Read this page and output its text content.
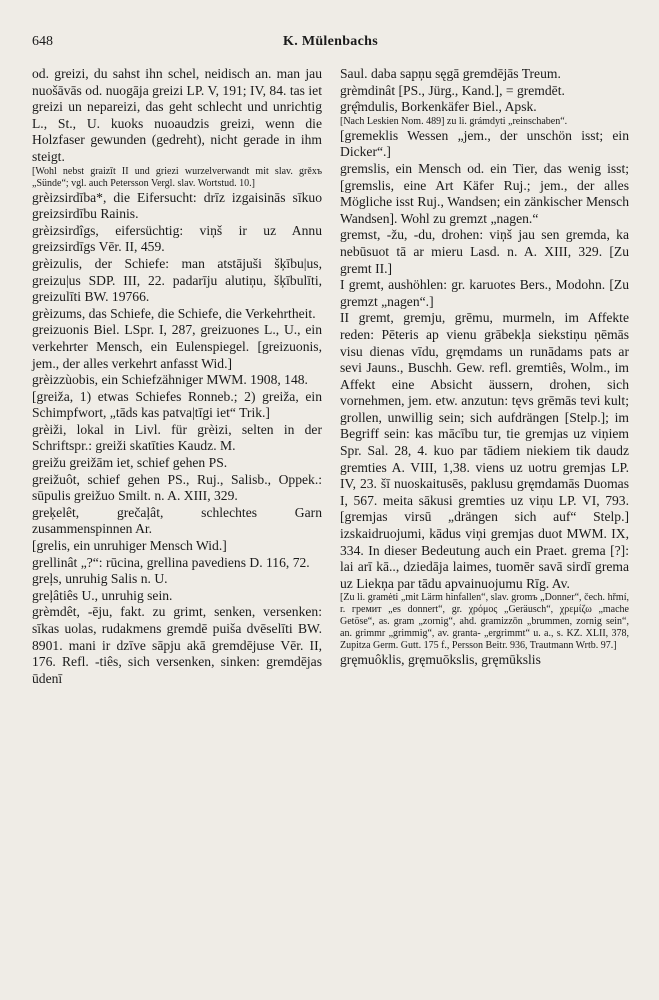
648	K. Mülenbachs

od. greizi, du sahst ihn schel, neidisch an. man jau nuošāvās od. nuogāja greizi LP. V, 191; IV, 84. tas iet greizi un nepareizi, das geht schlecht und unrichtig L., St., U. kuoks nuoaudzis greizi, wenn die Holzfaser gewunden (gedreht), nicht gerade in ihm steigt.

[Wohl nebst graizīt II und griezi wurzelverwandt mit slav. grěxъ „Sünde“; vgl. auch Petersson Vergl. slav. Wortstud. 10.]

grèizsirdība*, die Eifersucht: drīz izgaisinās sīkuo greizsirdību Rainis.

grèizsirdîgs, eifersüchtig: viņš ir uz Annu greizsirdīgs Vēr. II, 459.

grèizulis, der Schiefe: man atstājuši šķību|us, greizu|us SDP. III, 22. padarīju alutiņu, šķībulīti, greizulīti BW. 19766.

grèizums, das Schiefe, die Schiefe, die Verkehrtheit.

greizuonis Biel. LSpr. I, 287, greizuones L., U., ein verkehrter Mensch, ein Eulenspiegel. [greizuonis, jem., der alles verkehrt anfasst Wid.]

grèizzùobis, ein Schiefzähniger MWM. 1908, 148.

[greiža, 1) etwas Schiefes Ronneb.; 2) greiža, ein Schimpfwort, „tāds kas patva|tīgi iet“ Trik.]

grèiži, lokal in Livl. für grèizi, selten in der Schriftspr.: greiži skatīties Kaudz. M.

greižu greižām iet, schief gehen PS.

greižuôt, schief gehen PS., Ruj., Salisb., Oppek.: sūpulis greižuo Smilt. n. A. XIII, 329.

greķelêt, grečaļât, schlechtes Garn zusammenspinnen Ar.

[grelis, ein unruhiger Mensch Wid.]

grellinât „?“: rūcina, grellina pavediens D. 116, 72.

greļs, unruhig Salis n. U.

greļâtiês U., unruhig sein.

grèmdêt, -ēju, fakt. zu grimt, senken, versenken: sīkas uolas, rudakmens gremdē puiša dvēselīti BW. 8901. mani ir dzīve sāpju akā gremdējuse Vēr. II, 176. Refl. -tiês, sich versenken, sinken: gremdējas ūdenī

Saul. daba sapņu sęgā gremdējās Treum.

grèmdinât [PS., Jürg., Kand.], = gremdēt.

grę̂mdulis, Borkenkäfer Biel., Apsk.

[Nach Leskien Nom. 489] zu li. grámdyti „reinschaben“.

[gremeklis Wessen „jem., der unschön isst; ein Dicker“.]

gremslis, ein Mensch od. ein Tier, das wenig isst; [gremslis, eine Art Käfer Ruj.; jem., der alles Mögliche isst Ruj., Wandsen; ein zänkischer Mensch Wandsen]. Wohl zu gremzt „nagen.“

gremst, -žu, -du, drohen: viņš jau sen gremda, ka nebūsuot tā ar mieru Lasd. n. A. XIII, 329. [Zu gremt II.]

I gremt, aushöhlen: gr. karuotes Bers., Modohn. [Zu gremzt „nagen“.]

II gremt, gremju, grēmu, murmeln, im Affekte reden: Pēteris ap vienu grābekļa siekstiņu ņēmās visu dienas vīdu, gręmdams un runādams pats ar sevi Jauns., Buschh. Gew. refl. gremtiês, Wolm., im Affekt eine Absicht äussern, drohen, sich vornehmen, jem. etw. anzutun: tęvs grēmās tevi kult; grollen, unwillig sein; sich aufdrängen [Stelp.]; im Begriff sein: kas mācību tur, tie gremjas uz viņiem Spr. Sal. 28, 4. kuo par tādiem niekiem tik daudz gremties A. VIII, 1,38. viens uz uotru gremjas LP. IV, 23. šī nuoskaitusēs, paklusu gręmdamās Duomas I, 567. meita sākusi gremties uz viņu LP. VI, 793. [gremjas virsū „drängen sich auf“ Stelp.] izskaidruojumi, kādus viņi gremjas duot MWM. IX, 334. In dieser Bedeutung auch ein Praet. grema [?]: lai arī kā.., dziedāja laimes, tuomēr savā sirdī grema uz Liekņa par tādu apvainuojumu Rīg. Av.

[Zu li. gramėti „mit Lärm hinfallen“, slav. gromъ „Donner“, čech. hřmí, r. гремит „es donnert“, gr. χρόμος „Geräusch“, χρεμίζω „mache Getöse“, as. gram „zornig“, ahd. gramizzōn „brummen, zornig sein“, an. grimmr „grimmig“, av. granta- „ergrimmt“ u. a., s. KZ. XLII, 378, Zupitza Germ. Gutt. 175 f., Persson Beitr. 936, Trautmann Wrtb. 97.]

gręmuôklis, gręmuōkslis, gręmūkslis
